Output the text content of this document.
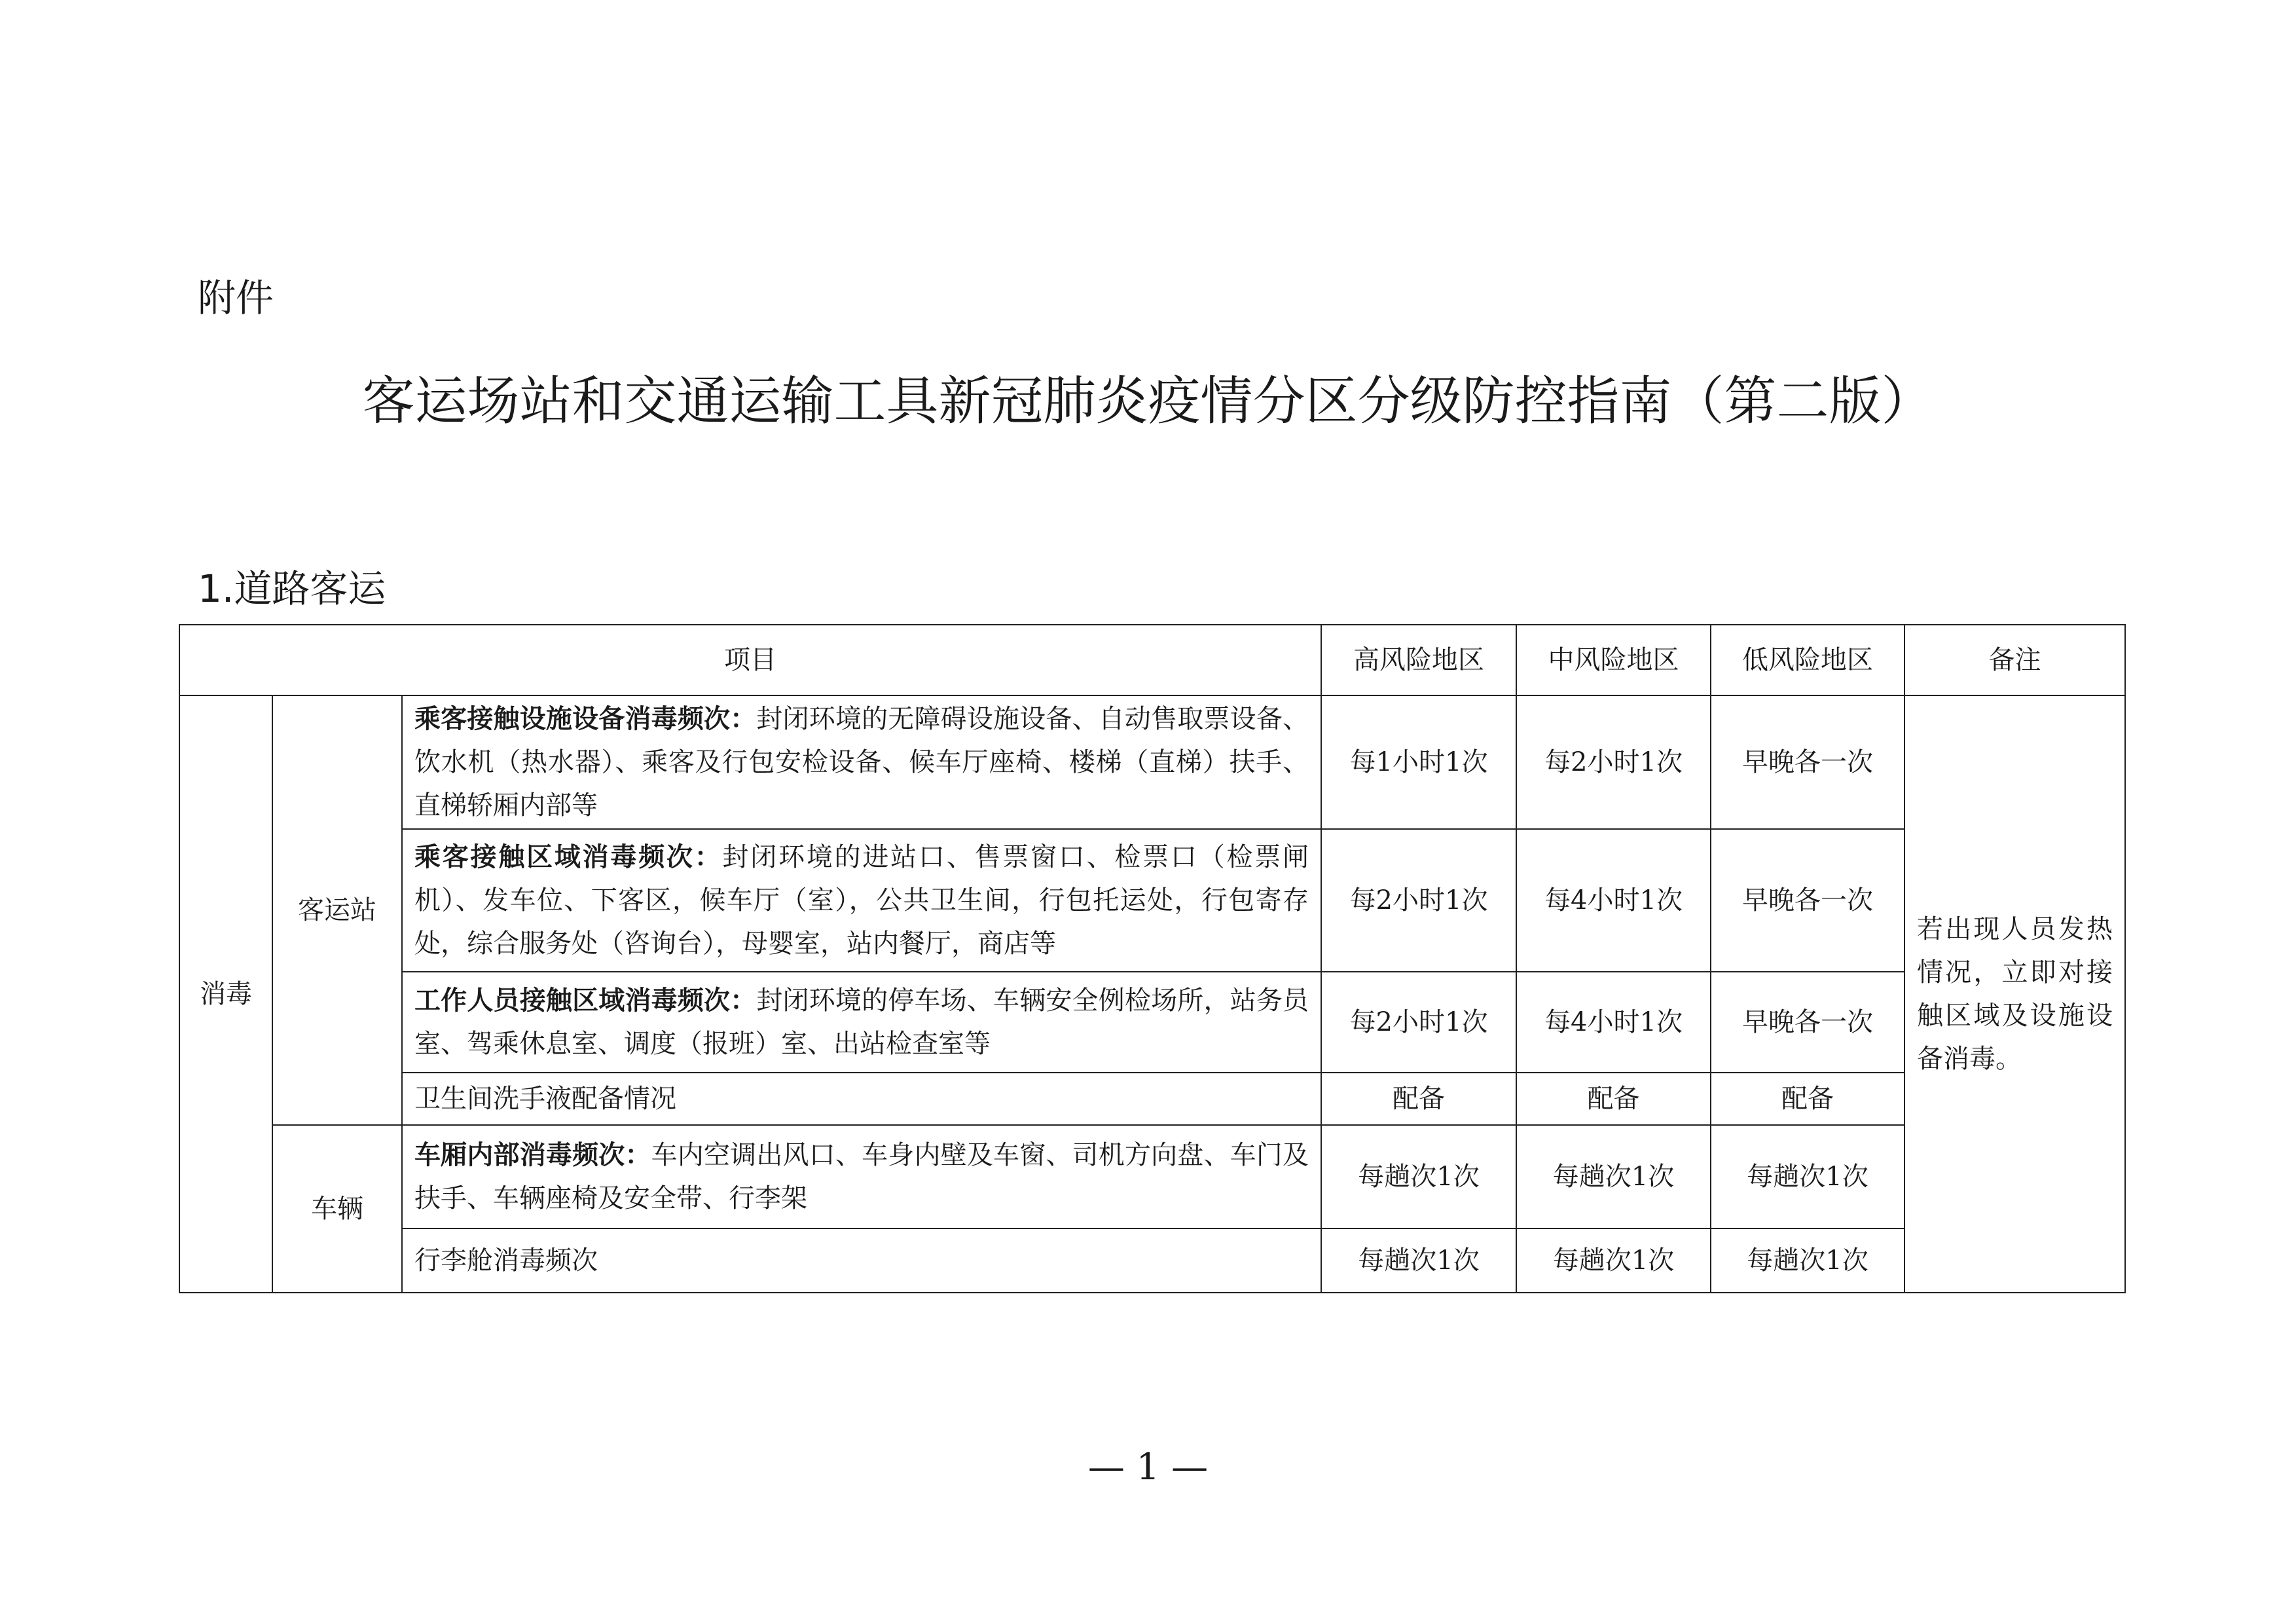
附件
客运场站和交通运输工具新冠肺炎疫情分区分级防控指南（第二版）
1.道路客运
项目			高风险地区	中风险地区	低风险地区	备注
消毒	客运站	乘客接触设施设备消毒频次：封闭环境的无障碍设施设备、自动售取票设备、饮水机（热水器）、乘客及行包安检设备、候车厅座椅、楼梯（直梯）扶手、直梯轿厢内部等	每1小时1次	每2小时1次	早晚各一次	若出现人员发热情况，立即对接触区域及设施设备消毒。
		乘客接触区域消毒频次：封闭环境的进站口、售票窗口、检票口（检票闸机）、发车位、下客区，候车厅（室），公共卫生间，行包托运处，行包寄存处，综合服务处（咨询台），母婴室，站内餐厅，商店等	每2小时1次	每4小时1次	早晚各一次	
		工作人员接触区域消毒频次：封闭环境的停车场、车辆安全例检场所，站务员室、驾乘休息室、调度（报班）室、出站检查室等	每2小时1次	每4小时1次	早晚各一次	
		卫生间洗手液配备情况	配备	配备	配备	
	车辆	车厢内部消毒频次：车内空调出风口、车身内壁及车窗、司机方向盘、车门及扶手、车辆座椅及安全带、行李架	每趟次1次	每趟次1次	每趟次1次	
		行李舱消毒频次	每趟次1次	每趟次1次	每趟次1次	
— 1 —
